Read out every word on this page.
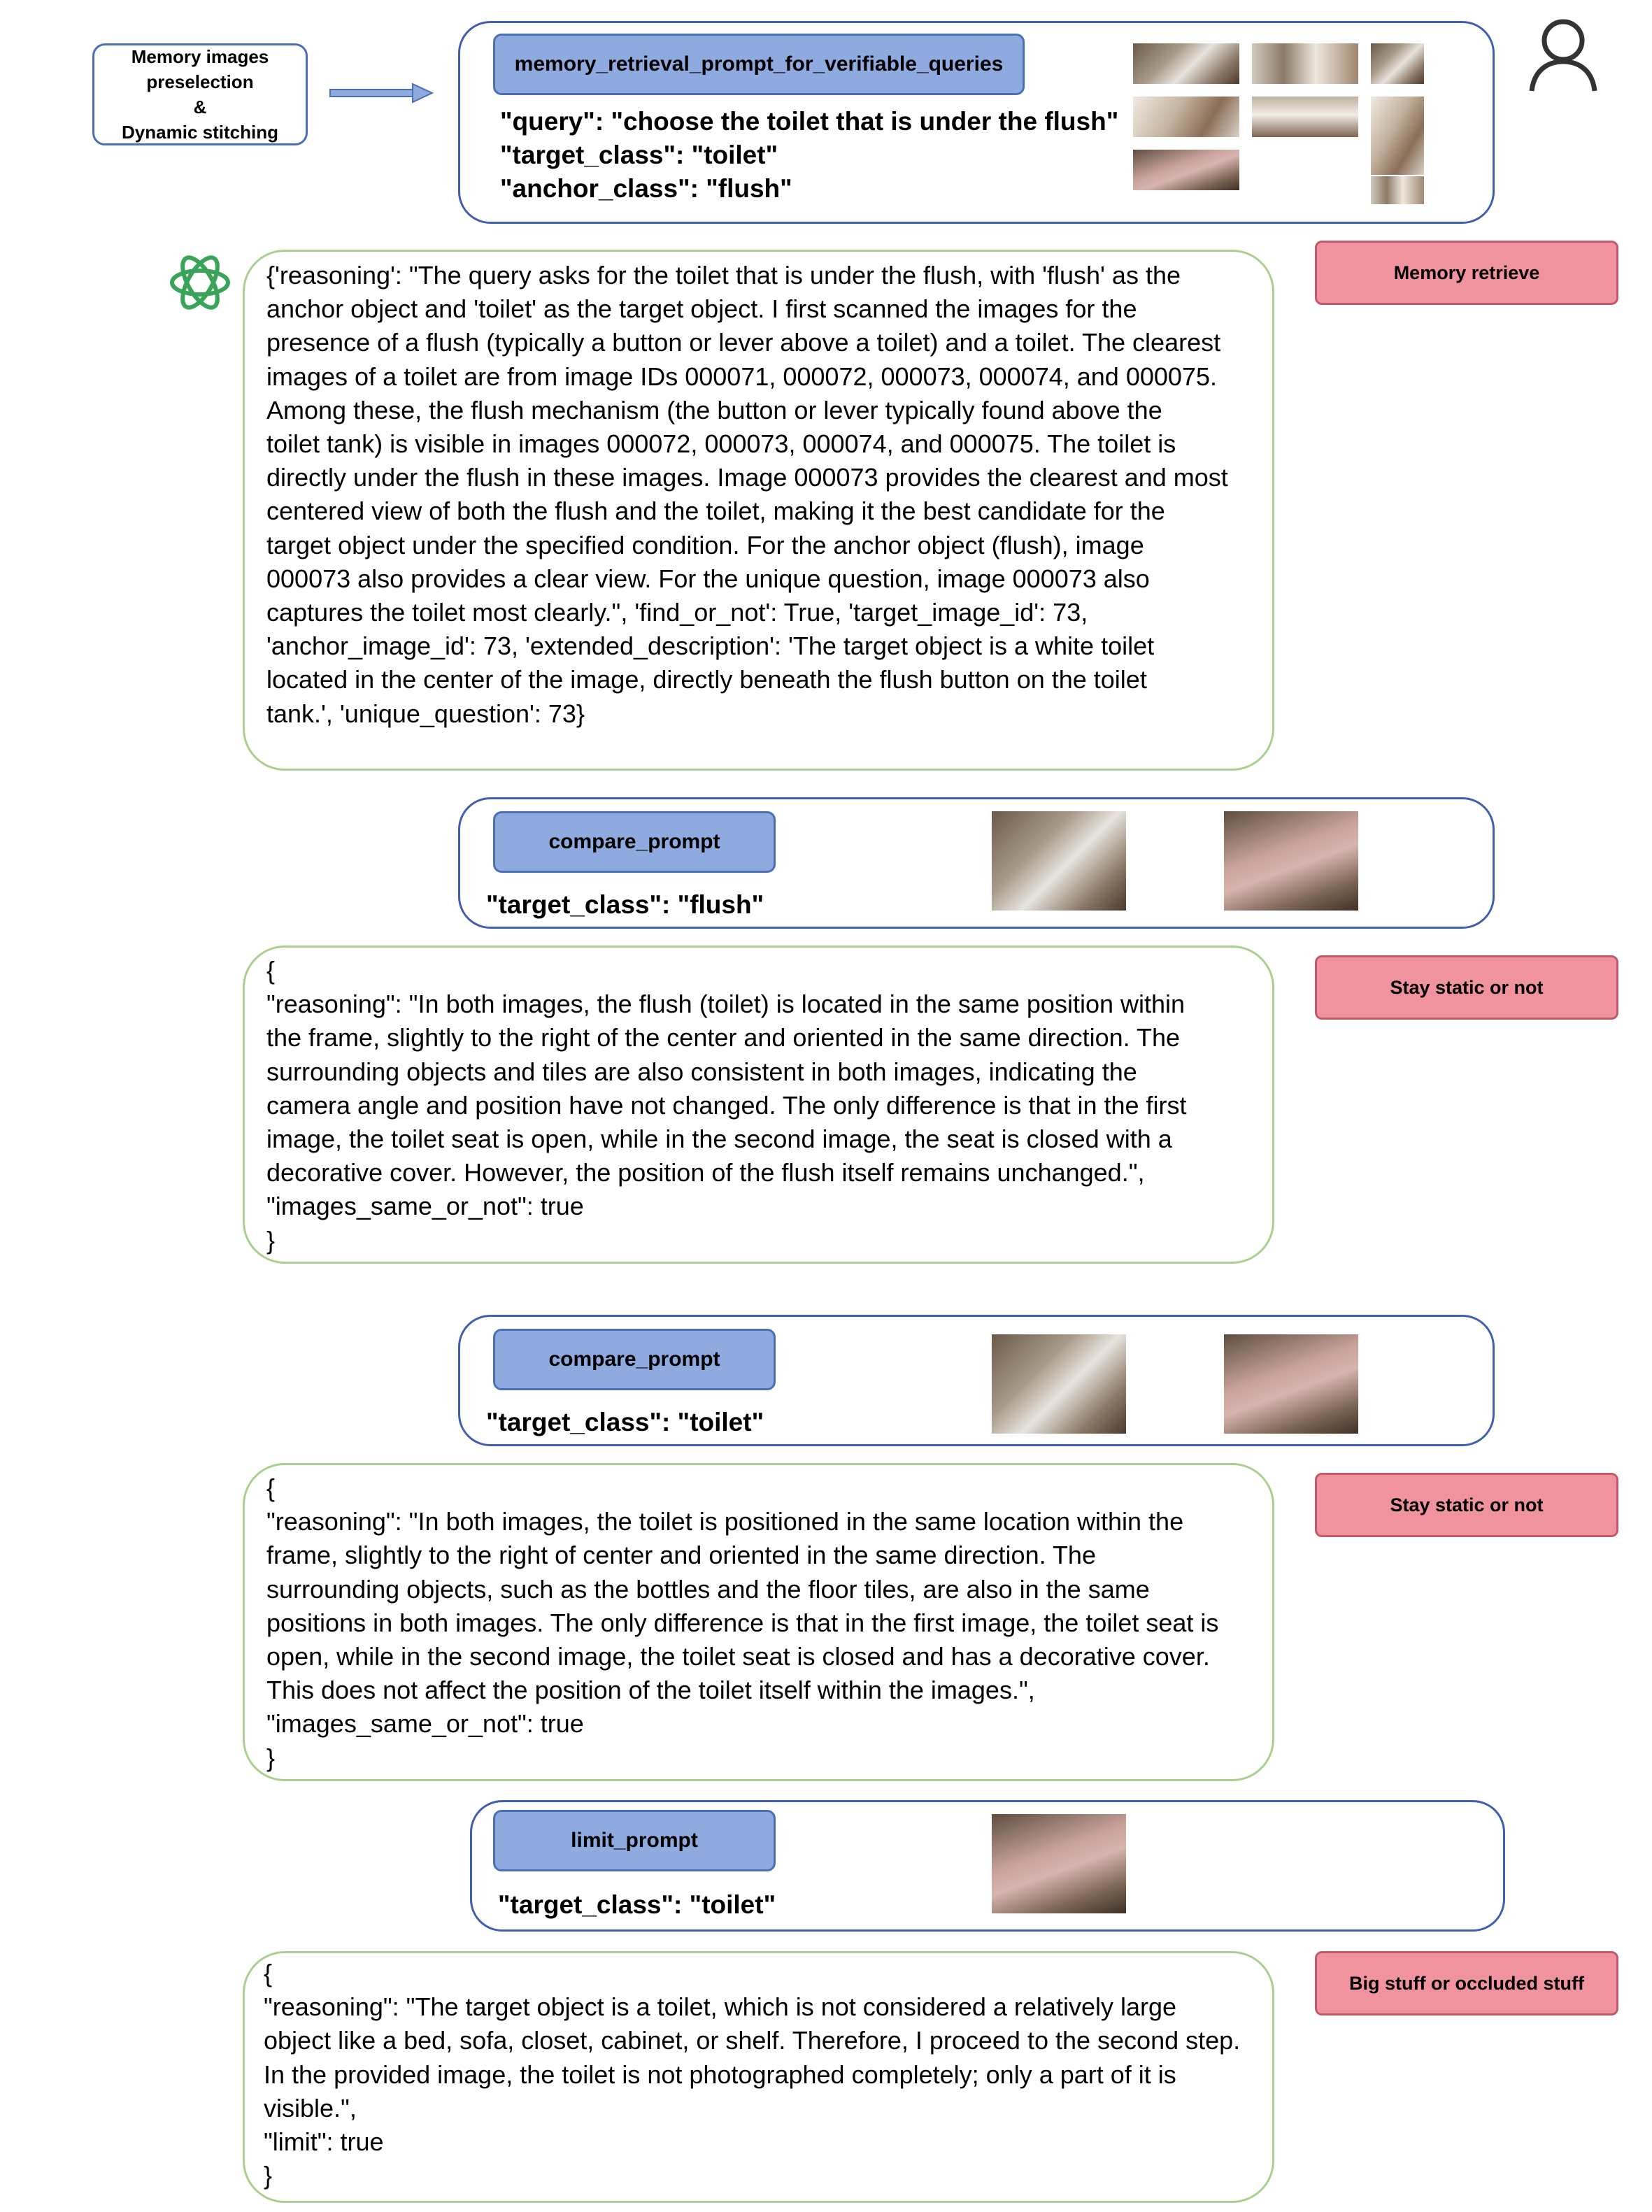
Memory images
preselection
&
Dynamic stitching
memory_retrieval_prompt_for_verifiable_queries
"query": "choose the toilet that is under the flush"
"target_class": "toilet"
"anchor_class": "flush"
{'reasoning': "The query asks for the toilet that is under the flush, with 'flush' as the
anchor object and 'toilet' as the target object. I first scanned the images for the
presence of a flush (typically a button or lever above a toilet) and a toilet. The clearest
images of a toilet are from image IDs 000071, 000072, 000073, 000074, and 000075.
Among these, the flush mechanism (the button or lever typically found above the
toilet tank) is visible in images 000072, 000073, 000074, and 000075. The toilet is
directly under the flush in these images. Image 000073 provides the clearest and most
centered view of both the flush and the toilet, making it the best candidate for the
target object under the specified condition. For the anchor object (flush), image
000073 also provides a clear view. For the unique question, image 000073 also
captures the toilet most clearly.", 'find_or_not': True, 'target_image_id': 73,
'anchor_image_id': 73, 'extended_description': 'The target object is a white toilet
located in the center of the image, directly beneath the flush button on the toilet
tank.', 'unique_question': 73}
Memory retrieve
compare_prompt
"target_class": "flush"
{
"reasoning": "In both images, the flush (toilet) is located in the same position within
the frame, slightly to the right of the center and oriented in the same direction. The
surrounding objects and tiles are also consistent in both images, indicating the
camera angle and position have not changed. The only difference is that in the first
image, the toilet seat is open, while in the second image, the seat is closed with a
decorative cover. However, the position of the flush itself remains unchanged.",
"images_same_or_not": true
}
Stay static or not
compare_prompt
"target_class": "toilet"
{
"reasoning": "In both images, the toilet is positioned in the same location within the
frame, slightly to the right of center and oriented in the same direction. The
surrounding objects, such as the bottles and the floor tiles, are also in the same
positions in both images. The only difference is that in the first image, the toilet seat is
open, while in the second image, the toilet seat is closed and has a decorative cover.
This does not affect the position of the toilet itself within the images.",
"images_same_or_not": true
}
Stay static or not
limit_prompt
"target_class": "toilet"
{
"reasoning": "The target object is a toilet, which is not considered a relatively large
object like a bed, sofa, closet, cabinet, or shelf. Therefore, I proceed to the second step.
In the provided image, the toilet is not photographed completely; only a part of it is
visible.",
"limit": true
}
Big stuff or occluded stuff
